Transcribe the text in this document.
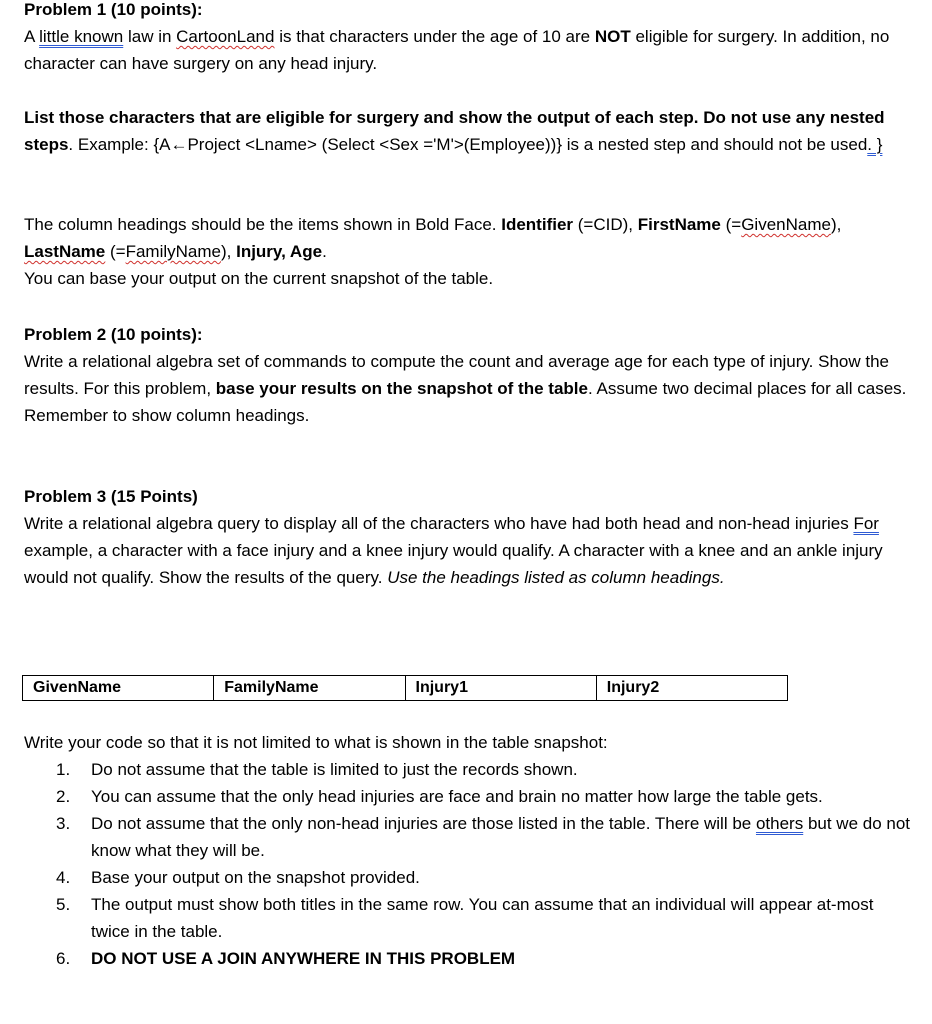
Problem 1 (10 points):

A little known law in CartoonLand is that characters under the age of 10 are NOT eligible for surgery. In addition, no character can have surgery on any head injury.

List those characters that are eligible for surgery and show the output of each step. Do not use any nested steps. Example: {A←Project <Lname> (Select <Sex ='M'>(Employee))} is a nested step and should not be used. }

The column headings should be the items shown in Bold Face. Identifier (=CID), FirstName (=GivenName), LastName (=FamilyName), Injury, Age.

You can base your output on the current snapshot of the table.

Problem 2 (10 points):

Write a relational algebra set of commands to compute the count and average age for each type of injury. Show the results. For this problem, base your results on the snapshot of the table. Assume two decimal places for all cases. Remember to show column headings.

Problem 3 (15 Points)

Write a relational algebra query to display all of the characters who have had both head and non-head injuries For example, a character with a face injury and a knee injury would qualify. A character with a knee and an ankle injury would not qualify. Show the results of the query. Use the headings listed as column headings.

GivenName	FamilyName	Injury1	Injury2

Write your code so that it is not limited to what is shown in the table snapshot:

1. Do not assume that the table is limited to just the records shown.
2. You can assume that the only head injuries are face and brain no matter how large the table gets.
3. Do not assume that the only non-head injuries are those listed in the table. There will be others but we do not know what they will be.
4. Base your output on the snapshot provided.
5. The output must show both titles in the same row. You can assume that an individual will appear at-most twice in the table.
6. DO NOT USE A JOIN ANYWHERE IN THIS PROBLEM
